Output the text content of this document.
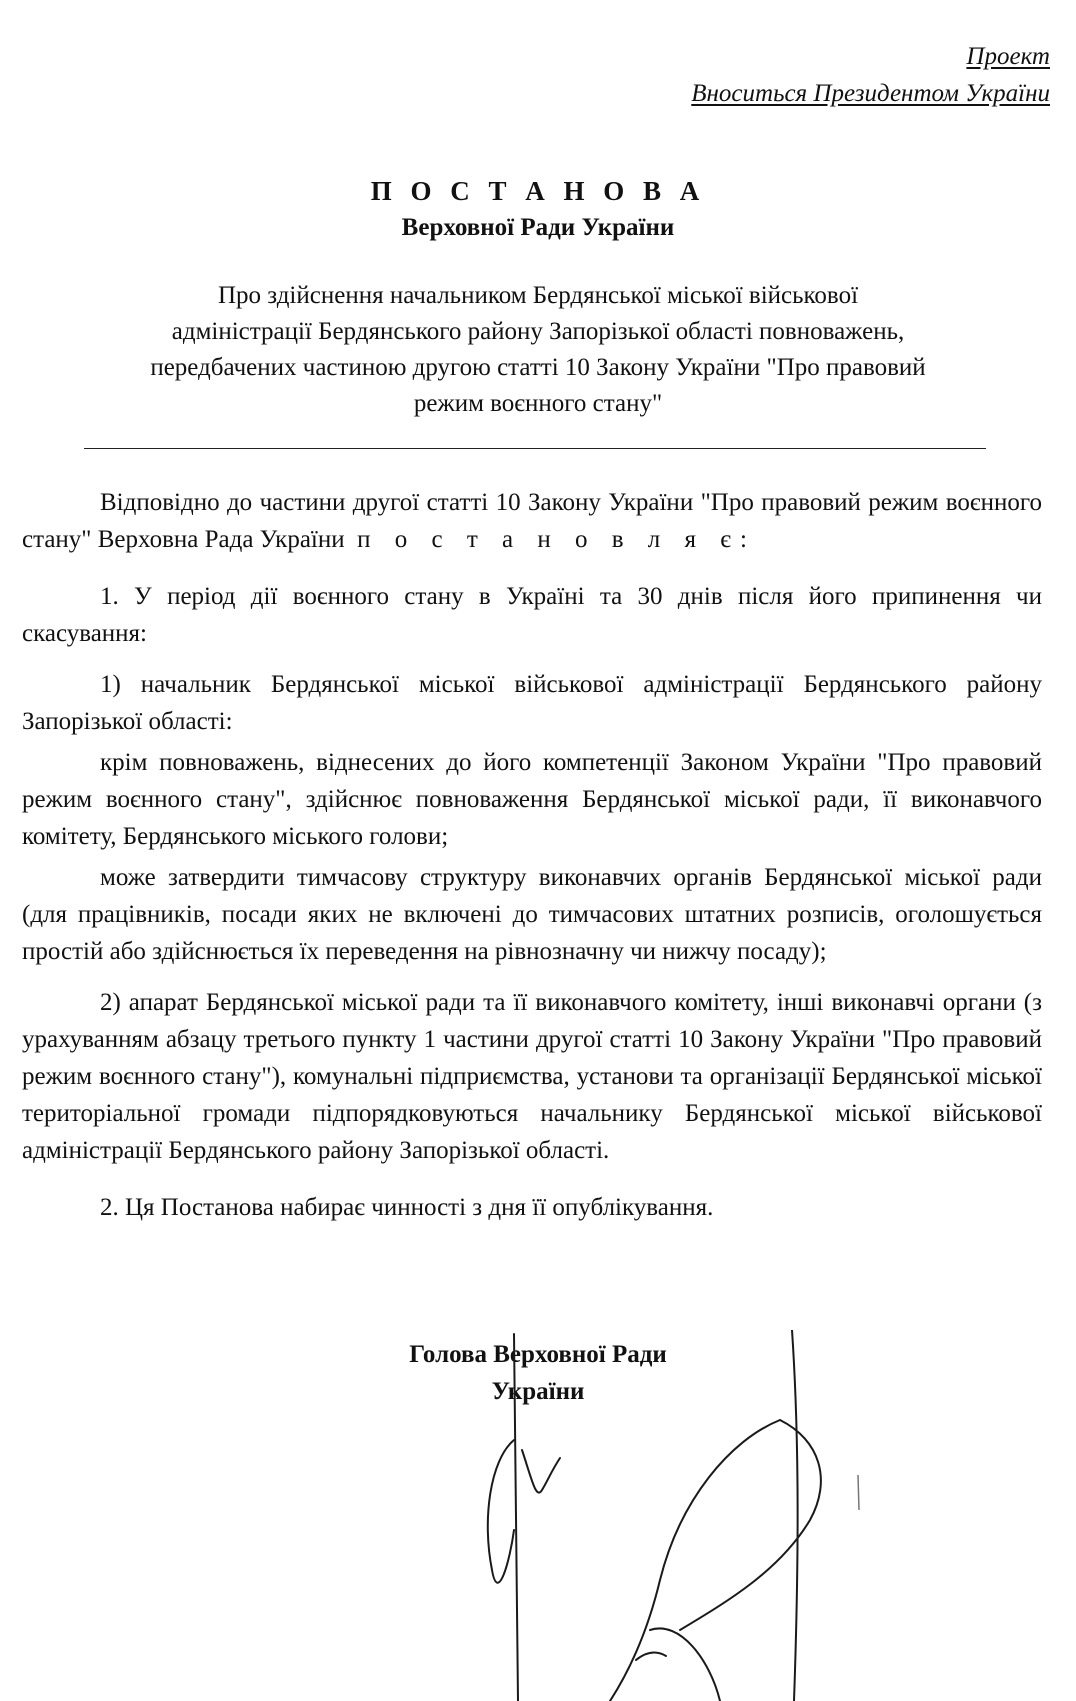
Проект
Вноситься Президентом України
П О С Т А Н О В А
Верховної Ради України
Про здійснення начальником Бердянської міської військової
адміністрації Бердянського району Запорізької області повноважень,
передбачених частиною другою статті 10 Закону України "Про правовий
режим воєнного стану"

Відповідно до частини другої статті 10 Закону України "Про правовий режим воєнного стану" Верховна Рада України п о с т а н о в л я є:

1. У період дії воєнного стану в Україні та 30 днів після його припинення чи скасування:

1) начальник Бердянської міської військової адміністрації Бердянського району Запорізької області:

крім повноважень, віднесених до його компетенції Законом України "Про правовий режим воєнного стану", здійснює повноваження Бердянської міської ради, її виконавчого комітету, Бердянського міського голови;

може затвердити тимчасову структуру виконавчих органів Бердянської міської ради (для працівників, посади яких не включені до тимчасових штатних розписів, оголошується простій або здійснюється їх переведення на рівнозначну чи нижчу посаду);

2) апарат Бердянської міської ради та її виконавчого комітету, інші виконавчі органи (з урахуванням абзацу третього пункту 1 частини другої статті 10 Закону України "Про правовий режим воєнного стану"), комунальні підприємства, установи та організації Бердянської міської територіальної громади підпорядковуються начальнику Бердянської міської військової адміністрації Бердянського району Запорізької області.

2. Ця Постанова набирає чинності з дня її опублікування.

Голова Верховної Ради
України
